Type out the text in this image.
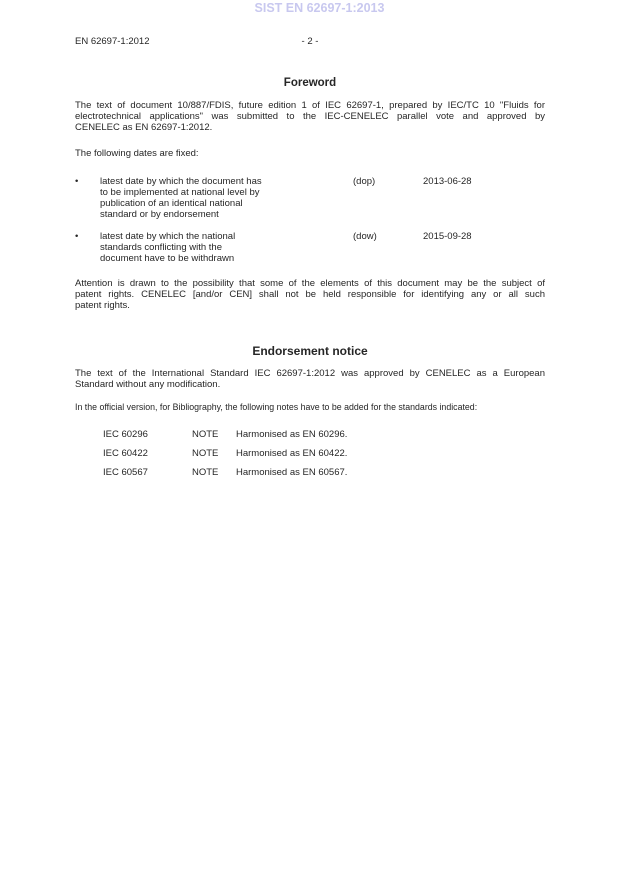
SIST EN 62697-1:2013
EN 62697-1:2012	- 2 -
Foreword
The text of document 10/887/FDIS, future edition 1 of IEC 62697-1, prepared by IEC/TC 10 "Fluids for
electrotechnical applications" was submitted to the IEC-CENELEC parallel vote and approved by
CENELEC as EN 62697-1:2012.
The following dates are fixed:
•	latest date by which the document has
to be implemented at national level by
publication of an identical national
standard or by endorsement
(dop)	2013-06-28
•	latest date by which the national
standards conflicting with the
document have to be withdrawn
(dow)	2015-09-28
Attention is drawn to the possibility that some of the elements of this document may be the subject of
patent rights. CENELEC [and/or CEN] shall not be held responsible for identifying any or all such
patent rights.
Endorsement notice
The text of the International Standard IEC 62697-1:2012 was approved by CENELEC as a European
Standard without any modification.
In the official version, for Bibliography, the following notes have to be added for the standards indicated:
IEC 60296	NOTE	Harmonised as EN 60296.
IEC 60422	NOTE	Harmonised as EN 60422.
IEC 60567	NOTE	Harmonised as EN 60567.
